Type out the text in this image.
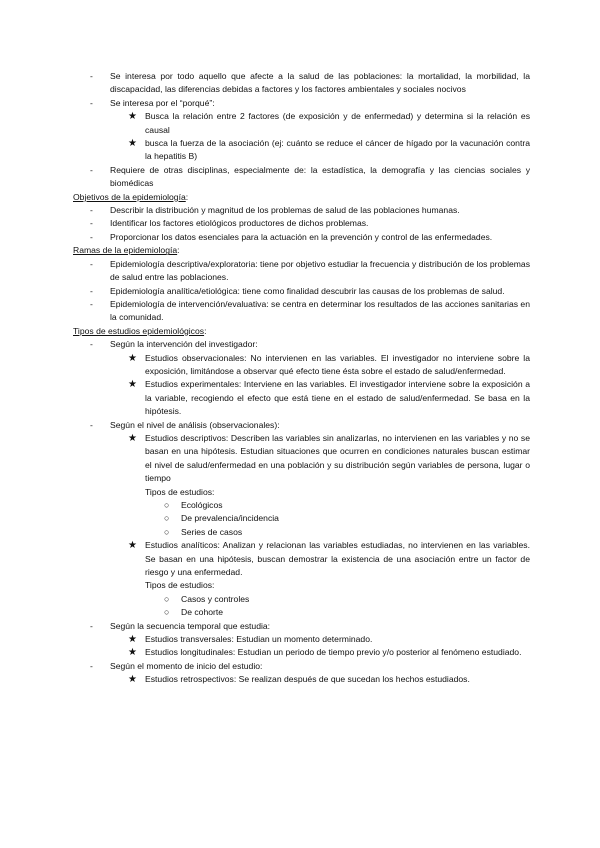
- Se interesa por todo aquello que afecte a la salud de las poblaciones: la mortalidad, la morbilidad, la discapacidad, las diferencias debidas a factores y los factores ambientales y sociales nocivos
- Se interesa por el “porqué”:
★ Busca la relación entre 2 factores (de exposición y de enfermedad) y determina si la relación es causal
★ busca la fuerza de la asociación (ej: cuánto se reduce el cáncer de hígado por la vacunación contra la hepatitis B)
- Requiere de otras disciplinas, especialmente de: la estadística, la demografía y las ciencias sociales y biomédicas
Objetivos de la epidemiología:
- Describir la distribución y magnitud de los problemas de salud de las poblaciones humanas.
- Identificar los factores etiológicos productores de dichos problemas.
- Proporcionar los datos esenciales para la actuación en la prevención y control de las enfermedades.
Ramas de la epidemiología:
- Epidemiología descriptiva/exploratoria: tiene por objetivo estudiar la frecuencia y distribución de los problemas de salud entre las poblaciones.
- Epidemiología analítica/etiológica: tiene como finalidad descubrir las causas de los problemas de salud.
- Epidemiología de intervención/evaluativa: se centra en determinar los resultados de las acciones sanitarias en la comunidad.
Tipos de estudios epidemiológicos:
- Según la intervención del investigador:
★ Estudios observacionales: No intervienen en las variables. El investigador no interviene sobre la exposición, limitándose a observar qué efecto tiene ésta sobre el estado de salud/enfermedad.
★ Estudios experimentales: Interviene en las variables. El investigador interviene sobre la exposición a la variable, recogiendo el efecto que está tiene en el estado de salud/enfermedad. Se basa en la hipótesis.
- Según el nivel de análisis (observacionales):
★ Estudios descriptivos: Describen las variables sin analizarlas, no intervienen en las variables y no se basan en una hipótesis. Estudian situaciones que ocurren en condiciones naturales buscan estimar el nivel de salud/enfermedad en una población y su distribución según variables de persona, lugar o tiempo
Tipos de estudios:
○ Ecológicos
○ De prevalencia/incidencia
○ Series de casos
★ Estudios analíticos: Analizan y relacionan las variables estudiadas, no intervienen en las variables. Se basan en una hipótesis, buscan demostrar la existencia de una asociación entre un factor de riesgo y una enfermedad.
Tipos de estudios:
○ Casos y controles
○ De cohorte
- Según la secuencia temporal que estudia:
★ Estudios transversales: Estudian un momento determinado.
★ Estudios longitudinales: Estudian un periodo de tiempo previo y/o posterior al fenómeno estudiado.
- Según el momento de inicio del estudio:
★ Estudios retrospectivos: Se realizan después de que sucedan los hechos estudiados.
